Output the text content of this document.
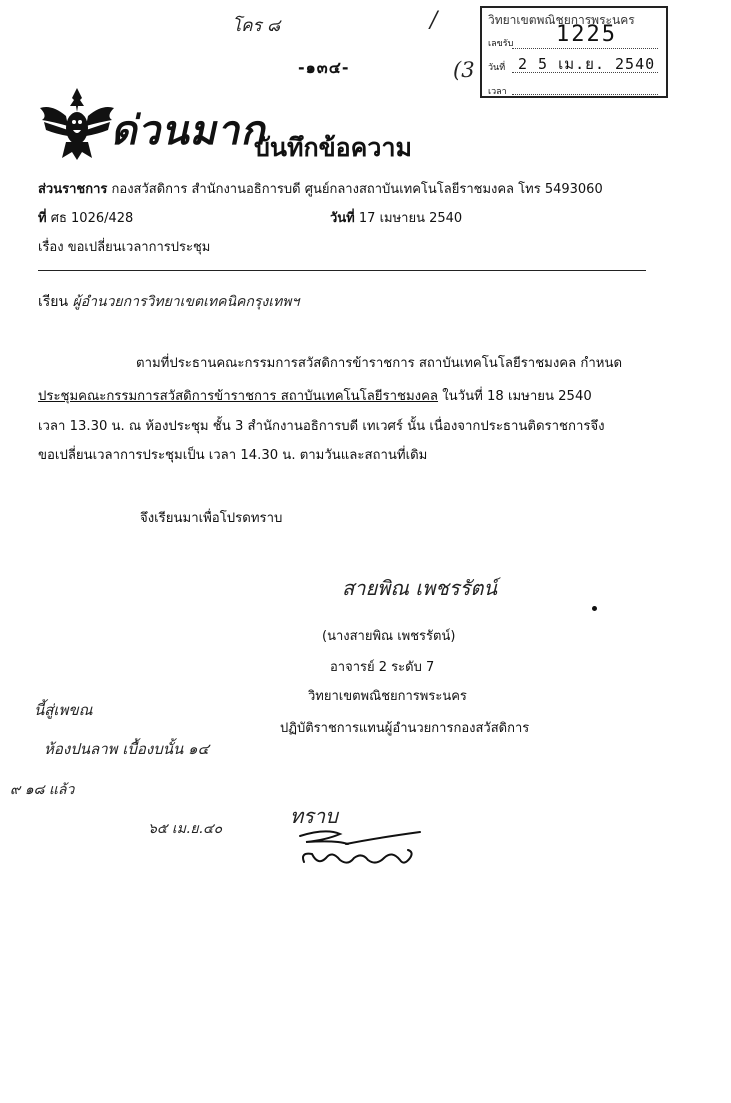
โคร ๘	/
(3
-๑๓๔-
วิทยาเขตพณิชยการพระนคร
เลขรับ 1225
วันที่ 2 5 เม.ย. 2540
เวลา
ด่วนมาก
บันทึกข้อความ
ส่วนราชการ กองสวัสดิการ สำนักงานอธิการบดี ศูนย์กลางสถาบันเทคโนโลยีราชมงคล โทร 5493060
ที่ ศธ 1026/428	วันที่ 17 เมษายน 2540
เรื่อง ขอเปลี่ยนเวลาการประชุม
เรียน ผู้อำนวยการวิทยาเขตเทคนิคกรุงเทพฯ
ตามที่ประธานคณะกรรมการสวัสดิการข้าราชการ สถาบันเทคโนโลยีราชมงคล กำหนด
ประชุมคณะกรรมการสวัสดิการข้าราชการ สถาบันเทคโนโลยีราชมงคล ในวันที่ 18 เมษายน 2540
เวลา 13.30 น. ณ ห้องประชุม ชั้น 3 สำนักงานอธิการบดี เทเวศร์ นั้น เนื่องจากประธานติดราชการจึง
ขอเปลี่ยนเวลาการประชุมเป็น เวลา 14.30 น. ตามวันและสถานที่เดิม
จึงเรียนมาเพื่อโปรดทราบ
สายพิณ เพชรรัตน์
(นางสายพิณ เพชรรัตน์)
อาจารย์ 2 ระดับ 7
วิทยาเขตพณิชยการพระนคร
ปฏิบัติราชการแทนผู้อำนวยการกองสวัสดิการ
นี้สู่เพขณ
ห้องปนลาพ เบื้องบนั้น ๑๔
๙ ๑๘ แล้ว
๖๕ เม.ย.๔๐
ทราบ
